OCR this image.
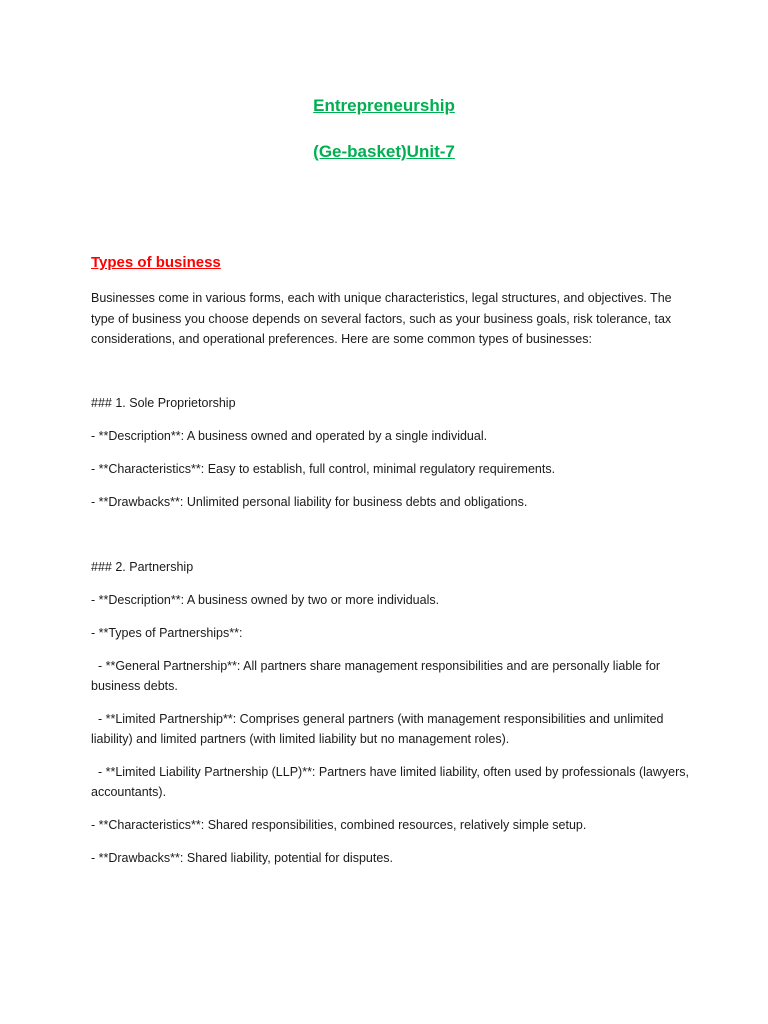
Entrepreneurship
(Ge-basket)Unit-7
Types of business

Businesses come in various forms, each with unique characteristics, legal structures, and objectives. The type of business you choose depends on several factors, such as your business goals, risk tolerance, tax considerations, and operational preferences. Here are some common types of businesses:

### 1. Sole Proprietorship

- **Description**: A business owned and operated by a single individual.

- **Characteristics**: Easy to establish, full control, minimal regulatory requirements.

- **Drawbacks**: Unlimited personal liability for business debts and obligations.

### 2. Partnership

- **Description**: A business owned by two or more individuals.

- **Types of Partnerships**:

- **General Partnership**: All partners share management responsibilities and are personally liable for business debts.

- **Limited Partnership**: Comprises general partners (with management responsibilities and unlimited liability) and limited partners (with limited liability but no management roles).

- **Limited Liability Partnership (LLP)**: Partners have limited liability, often used by professionals (lawyers, accountants).

- **Characteristics**: Shared responsibilities, combined resources, relatively simple setup.

- **Drawbacks**: Shared liability, potential for disputes.
